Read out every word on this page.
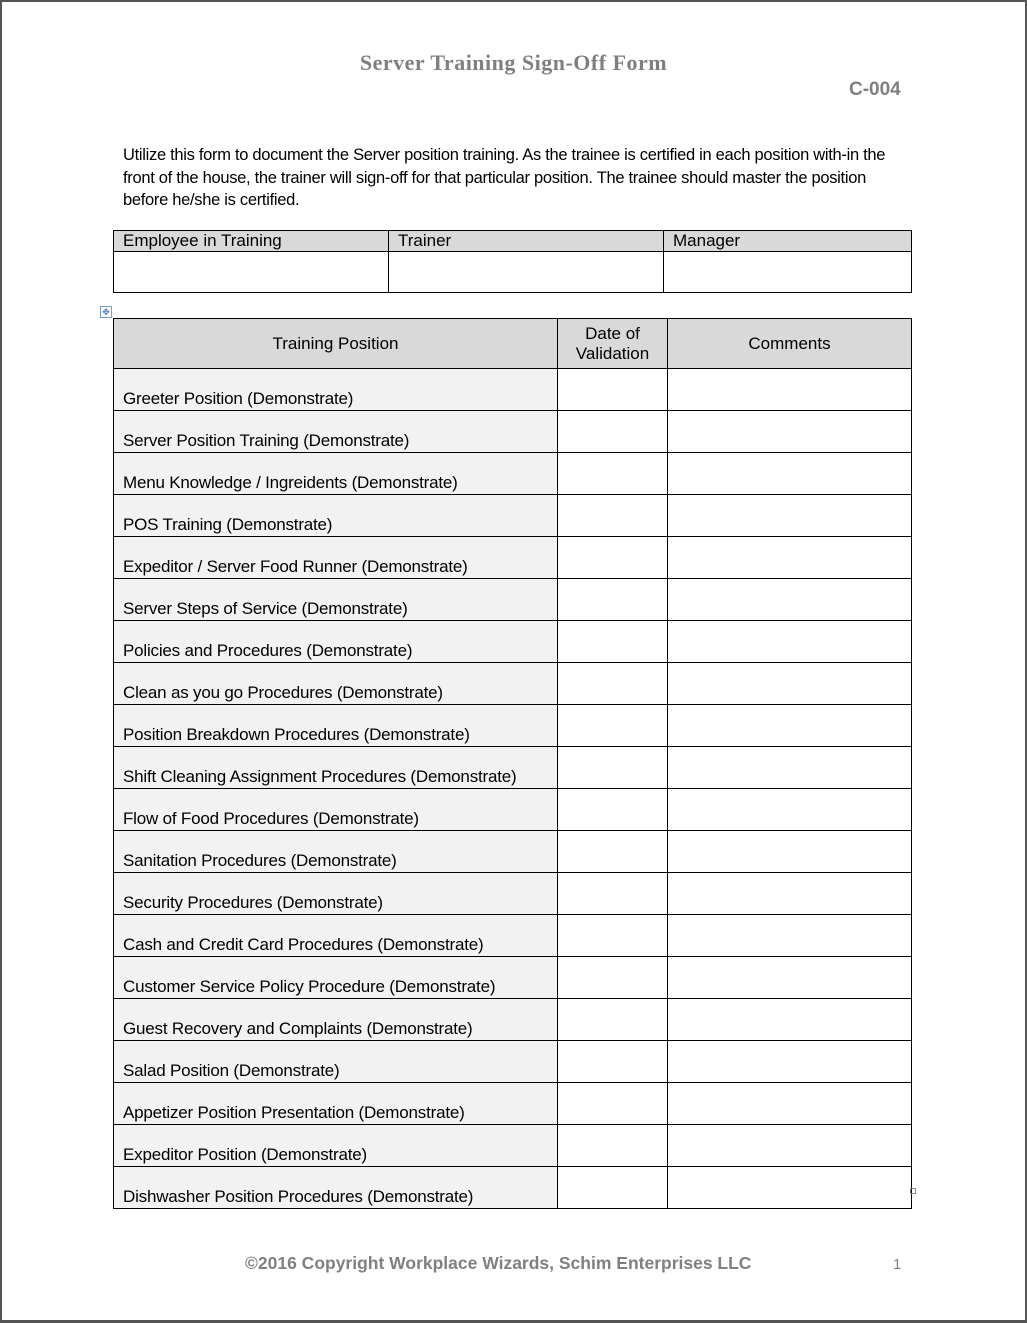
Server Training Sign-Off Form
C-004
Utilize this form to document the Server position training. As the trainee is certified in each position with-in the front of the house, the trainer will sign-off for that particular position. The trainee should master the position before he/she is certified.
Employee in Training	Trainer	Manager

✥
Training Position	Date of Validation	Comments
Greeter Position (Demonstrate)		
Server Position Training (Demonstrate)		
Menu Knowledge / Ingreidents (Demonstrate)		
POS Training (Demonstrate)		
Expeditor / Server Food Runner (Demonstrate)		
Server Steps of Service (Demonstrate)		
Policies and Procedures (Demonstrate)		
Clean as you go Procedures (Demonstrate)		
Position Breakdown Procedures (Demonstrate)		
Shift Cleaning Assignment Procedures (Demonstrate)		
Flow of Food Procedures (Demonstrate)		
Sanitation Procedures (Demonstrate)		
Security Procedures (Demonstrate)		
Cash and Credit Card Procedures (Demonstrate)		
Customer Service Policy Procedure (Demonstrate)		
Guest Recovery and Complaints (Demonstrate)		
Salad Position (Demonstrate)		
Appetizer Position Presentation (Demonstrate)		
Expeditor Position (Demonstrate)		
Dishwasher Position Procedures (Demonstrate)		
©2016 Copyright Workplace Wizards, Schim Enterprises LLC	1
